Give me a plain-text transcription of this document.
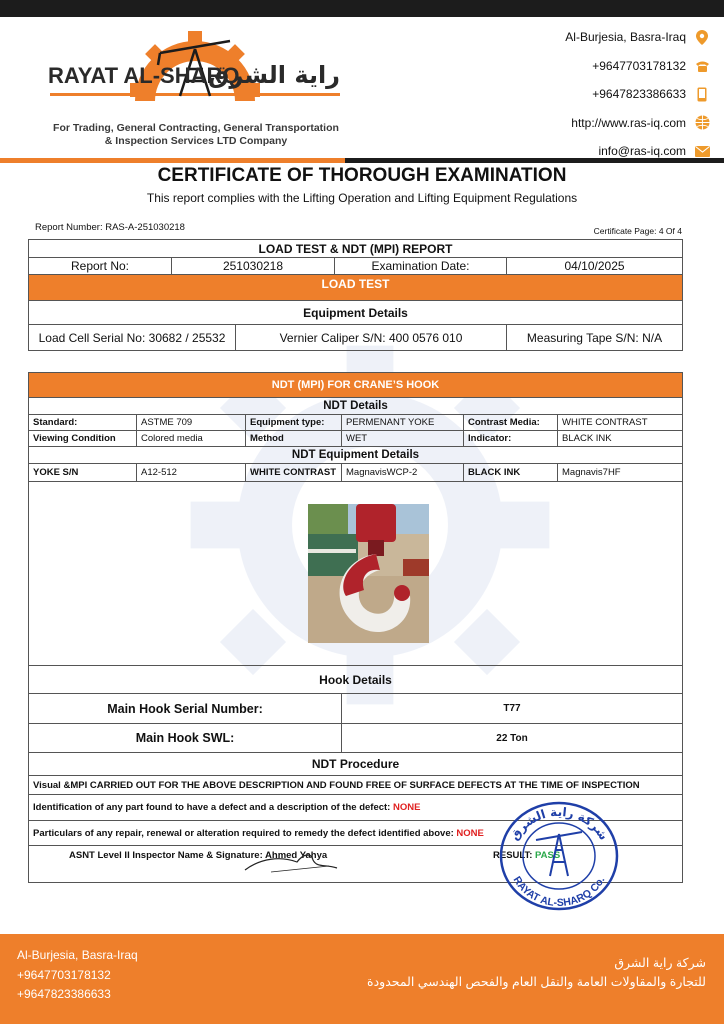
RAYAT AL-SHARQ
راية الشرق
For Trading, General Contracting, General Transportation
& Inspection Services LTD Company
Al-Burjesia, Basra-Iraq
+9647703178132
+9647823386633
http://www.ras-iq.com
info@ras-iq.com
CERTIFICATE OF THOROUGH EXAMINATION
This report complies with the Lifting Operation and Lifting Equipment Regulations
Report Number: RAS-A-251030218	Certificate Page: 4 Of 4
LOAD TEST & NDT (MPI) REPORT				
Report No:	251030218		Examination Date:	04/10/2025
LOAD TEST				
Equipment Details				
Load Cell Serial No: 30682 / 25532		Vernier Caliper S/N: 400 0576 010		Measuring Tape S/N: N/A
NDT (MPI) FOR CRANE’S HOOK					
NDT Details					
Standard:	ASTME 709	Equipment type:	PERMENANT YOKE	Contrast Media:	WHITE CONTRAST
Viewing Condition	Colored media	Method	WET	Indicator:	BLACK INK
NDT Equipment Details					
YOKE S/N	A12-512	WHITE CONTRAST	MagnavisWCP-2	BLACK INK	Magnavis7HF

Hook Details					
Main Hook Serial Number:			T77		
Main Hook SWL:			22 Ton		
NDT Procedure					
Visual &MPI CARRIED OUT FOR THE ABOVE DESCRIPTION AND FOUND FREE OF SURFACE DEFECTS AT THE TIME OF INSPECTION					
Identification of any part found to have a defect and a description of the defect: NONE					
Particulars of any repair, renewal or alteration required to remedy the defect identified above: NONE					

ASNT Level II Inspector Name & Signature: Ahmed Yahya RESULT: PASS					
شركة راية الشرق
RAYAT AL-SHARQ Co.
Al-Burjesia, Basra-Iraq
+9647703178132
+9647823386633
شركة راية الشرق
للتجارة والمقاولات العامة والنقل العام والفحص الهندسي المحدودة
